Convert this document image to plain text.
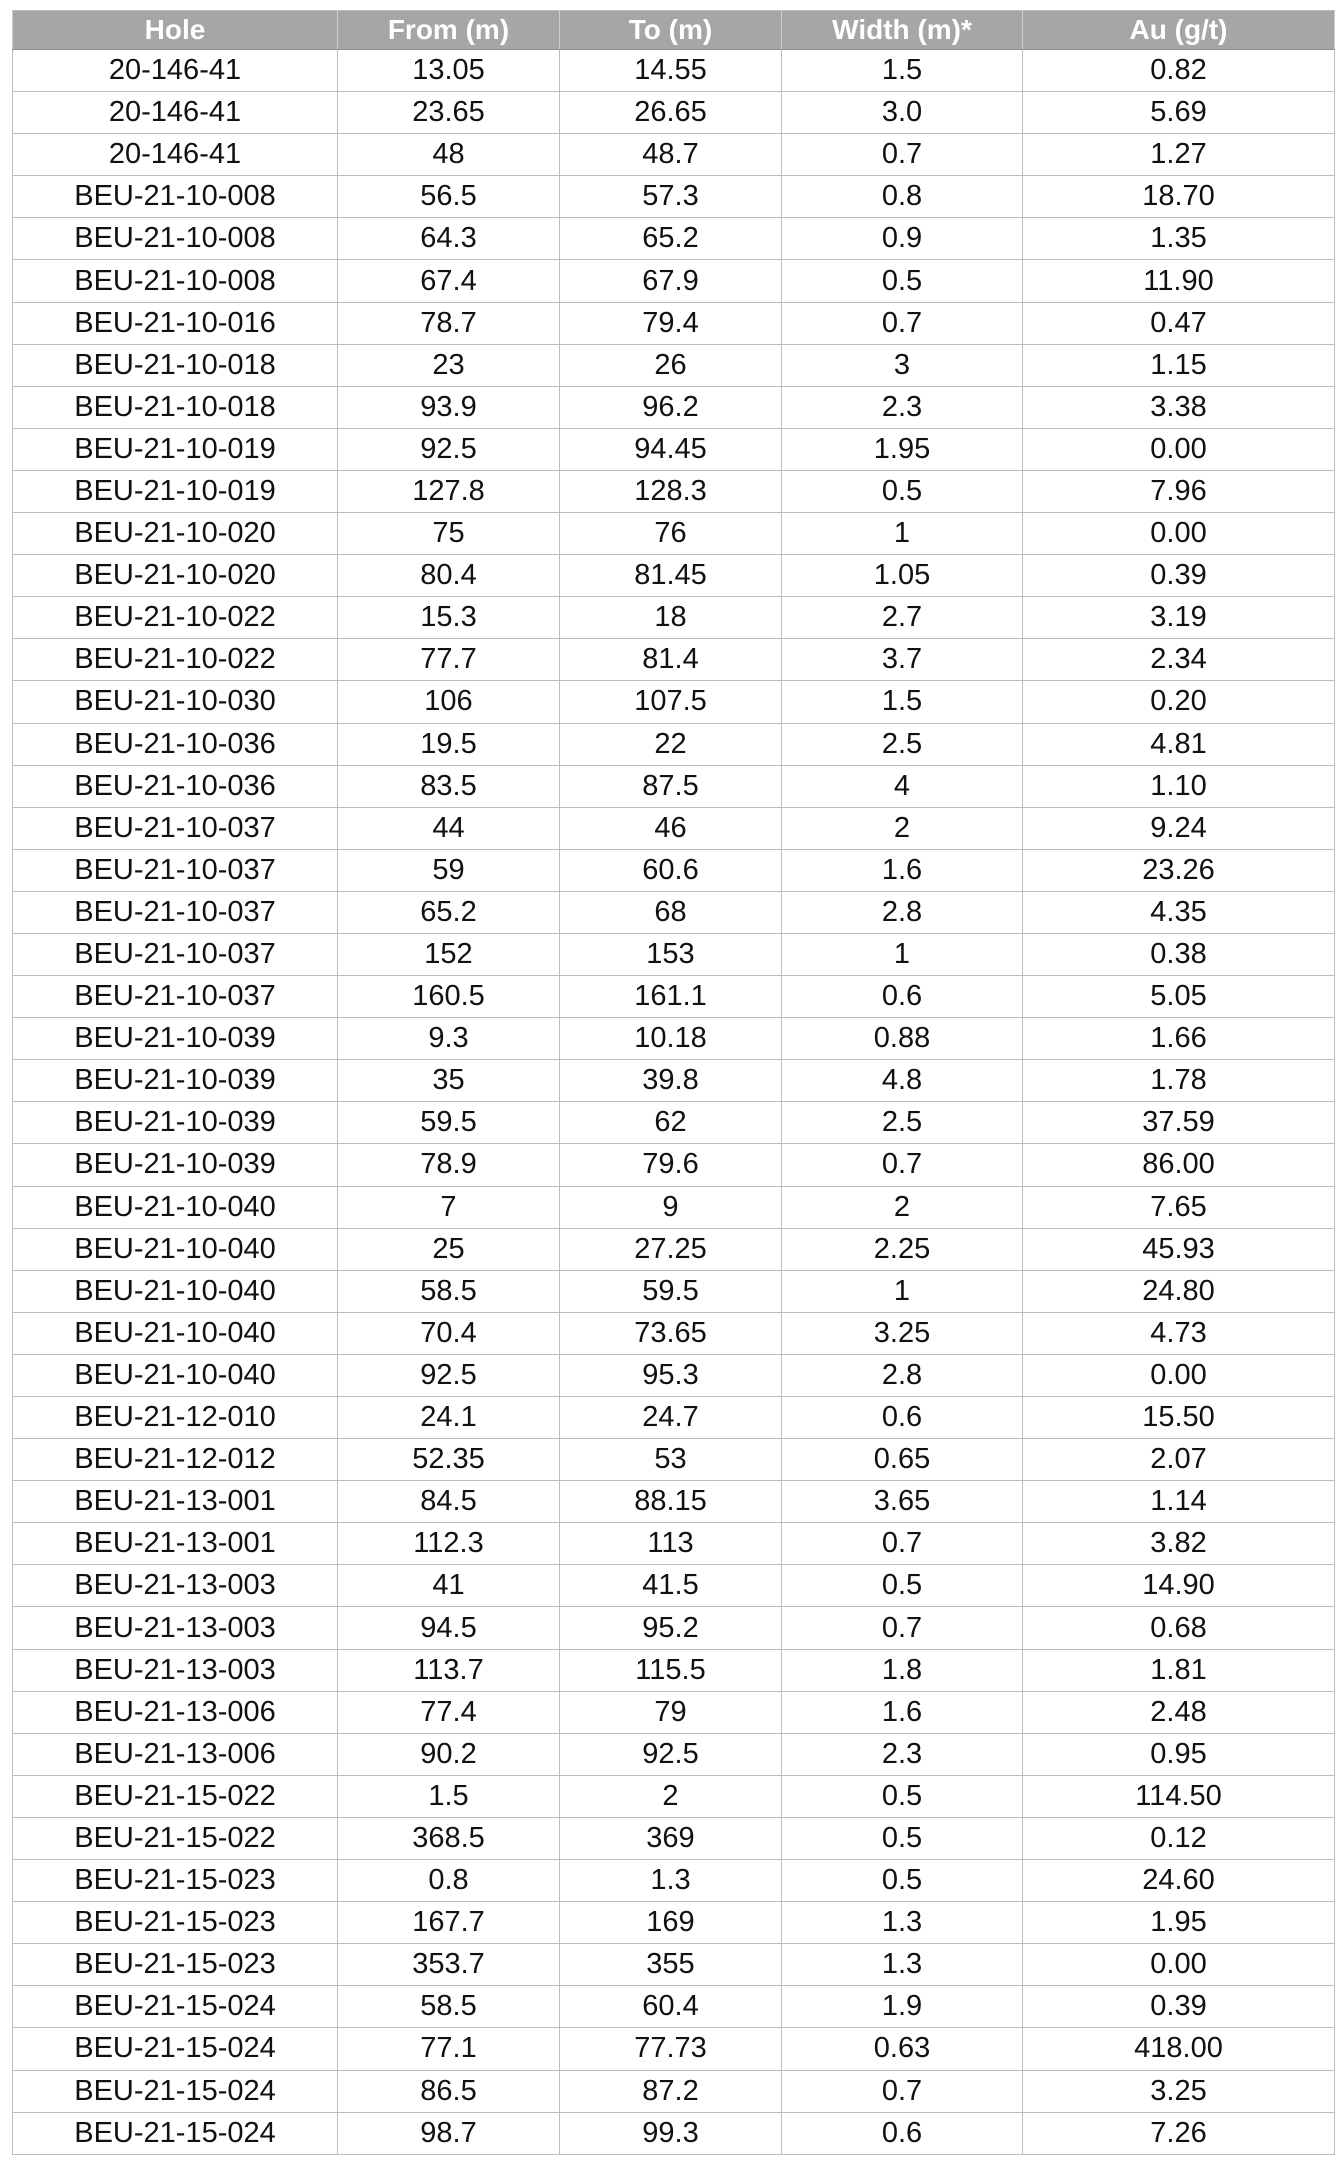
Hole	From (m)	To (m)	Width (m)*	Au (g/t)
20-146-41	13.05	14.55	1.5	0.82
20-146-41	23.65	26.65	3.0	5.69
20-146-41	48	48.7	0.7	1.27
BEU-21-10-008	56.5	57.3	0.8	18.70
BEU-21-10-008	64.3	65.2	0.9	1.35
BEU-21-10-008	67.4	67.9	0.5	11.90
BEU-21-10-016	78.7	79.4	0.7	0.47
BEU-21-10-018	23	26	3	1.15
BEU-21-10-018	93.9	96.2	2.3	3.38
BEU-21-10-019	92.5	94.45	1.95	0.00
BEU-21-10-019	127.8	128.3	0.5	7.96
BEU-21-10-020	75	76	1	0.00
BEU-21-10-020	80.4	81.45	1.05	0.39
BEU-21-10-022	15.3	18	2.7	3.19
BEU-21-10-022	77.7	81.4	3.7	2.34
BEU-21-10-030	106	107.5	1.5	0.20
BEU-21-10-036	19.5	22	2.5	4.81
BEU-21-10-036	83.5	87.5	4	1.10
BEU-21-10-037	44	46	2	9.24
BEU-21-10-037	59	60.6	1.6	23.26
BEU-21-10-037	65.2	68	2.8	4.35
BEU-21-10-037	152	153	1	0.38
BEU-21-10-037	160.5	161.1	0.6	5.05
BEU-21-10-039	9.3	10.18	0.88	1.66
BEU-21-10-039	35	39.8	4.8	1.78
BEU-21-10-039	59.5	62	2.5	37.59
BEU-21-10-039	78.9	79.6	0.7	86.00
BEU-21-10-040	7	9	2	7.65
BEU-21-10-040	25	27.25	2.25	45.93
BEU-21-10-040	58.5	59.5	1	24.80
BEU-21-10-040	70.4	73.65	3.25	4.73
BEU-21-10-040	92.5	95.3	2.8	0.00
BEU-21-12-010	24.1	24.7	0.6	15.50
BEU-21-12-012	52.35	53	0.65	2.07
BEU-21-13-001	84.5	88.15	3.65	1.14
BEU-21-13-001	112.3	113	0.7	3.82
BEU-21-13-003	41	41.5	0.5	14.90
BEU-21-13-003	94.5	95.2	0.7	0.68
BEU-21-13-003	113.7	115.5	1.8	1.81
BEU-21-13-006	77.4	79	1.6	2.48
BEU-21-13-006	90.2	92.5	2.3	0.95
BEU-21-15-022	1.5	2	0.5	114.50
BEU-21-15-022	368.5	369	0.5	0.12
BEU-21-15-023	0.8	1.3	0.5	24.60
BEU-21-15-023	167.7	169	1.3	1.95
BEU-21-15-023	353.7	355	1.3	0.00
BEU-21-15-024	58.5	60.4	1.9	0.39
BEU-21-15-024	77.1	77.73	0.63	418.00
BEU-21-15-024	86.5	87.2	0.7	3.25
BEU-21-15-024	98.7	99.3	0.6	7.26
